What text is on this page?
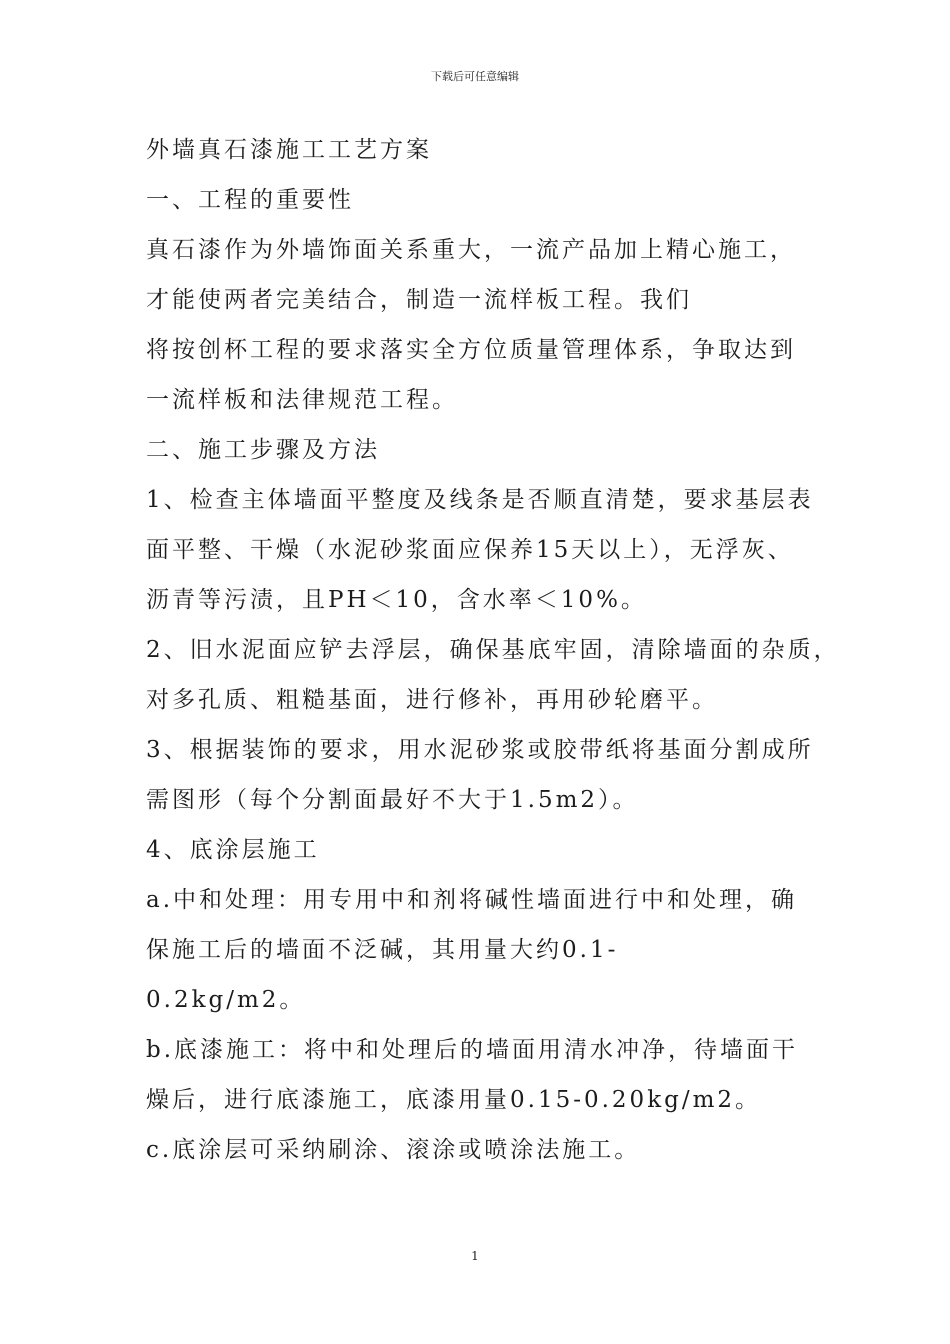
下载后可任意编辑
外墙真石漆施工工艺方案
一、工程的重要性
真石漆作为外墙饰面关系重大，一流产品加上精心施工，
才能使两者完美结合，制造一流样板工程。我们
将按创杯工程的要求落实全方位质量管理体系，争取达到
一流样板和法律规范工程。
二、施工步骤及方法
1、检查主体墙面平整度及线条是否顺直清楚，要求基层表
面平整、干燥（水泥砂浆面应保养15天以上），无浮灰、
沥青等污渍，且PH＜10，含水率＜10%。
2、旧水泥面应铲去浮层，确保基底牢固，清除墙面的杂质，
对多孔质、粗糙基面，进行修补，再用砂轮磨平。
3、根据装饰的要求，用水泥砂浆或胶带纸将基面分割成所
需图形（每个分割面最好不大于1.5m2）。
4、底涂层施工
a.中和处理：用专用中和剂将碱性墙面进行中和处理，确
保施工后的墙面不泛碱，其用量大约0.1-
0.2kg/m2。
b.底漆施工：将中和处理后的墙面用清水冲净，待墙面干
燥后，进行底漆施工，底漆用量0.15-0.20kg/m2。
c.底涂层可采纳刷涂、滚涂或喷涂法施工。
1
